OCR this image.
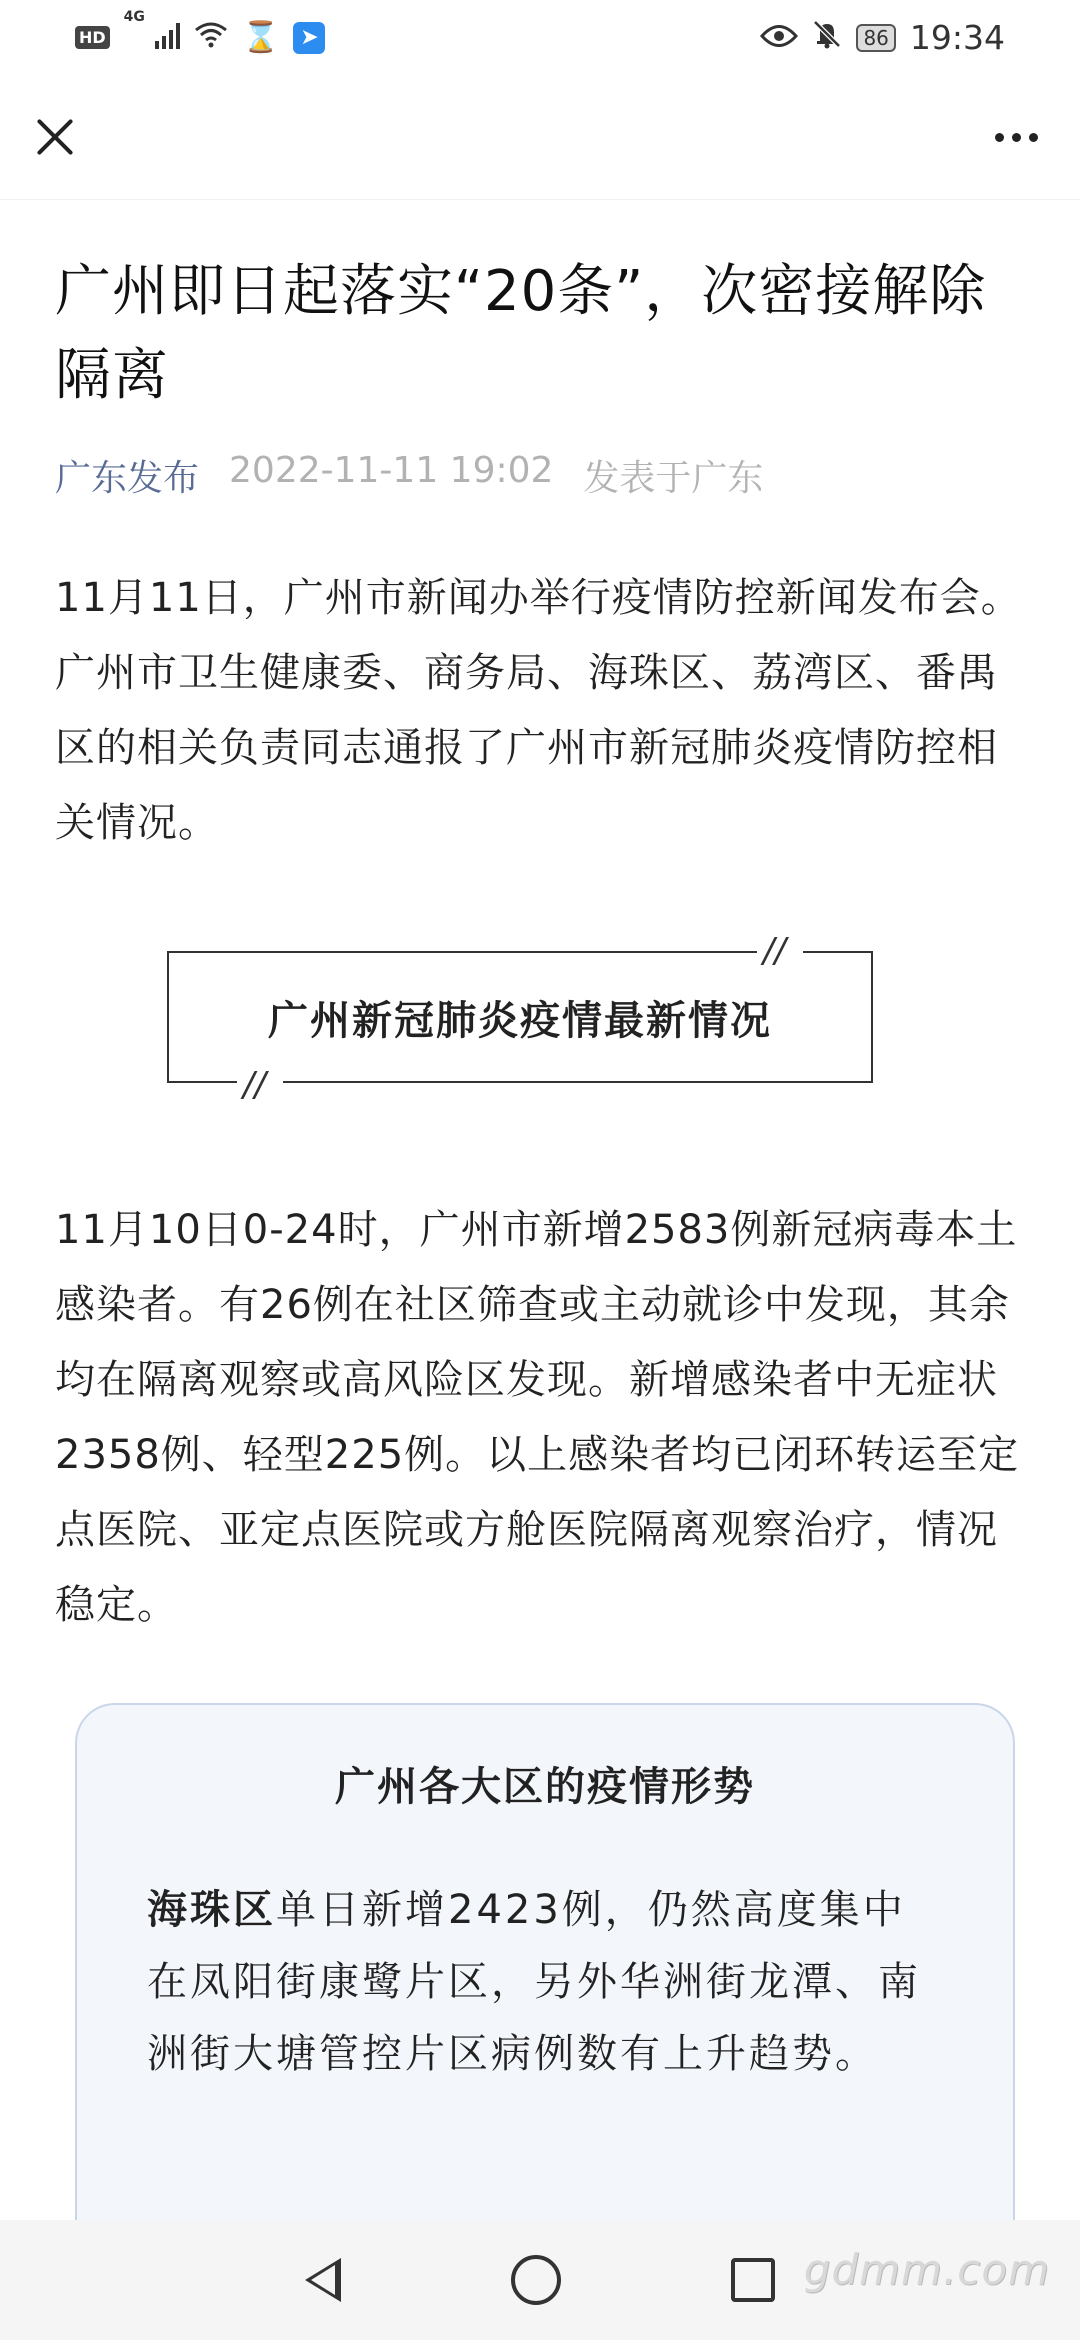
HD
$^{4G}$
⌛ ➤	86 19:34
广州即日起落实“20条”，次密接解除隔离
广东发布 2022-11-11 19:02 发表于广东

11月11日，广州市新闻办举行疫情防控新闻发布会。广州市卫生健康委、商务局、海珠区、荔湾区、番禺区的相关负责同志通报了广州市新冠肺炎疫情防控相关情况。

//
//
广州新冠肺炎疫情最新情况

11月10日0-24时，广州市新增2583例新冠病毒本土感染者。有26例在社区筛查或主动就诊中发现，其余均在隔离观察或高风险区发现。新增感染者中无症状2358例、轻型225例。以上感染者均已闭环转运至定点医院、亚定点医院或方舱医院隔离观察治疗，情况稳定。

广州各大区的疫情形势
海珠区单日新增2423例，仍然高度集中在凤阳街康鹭片区，另外华洲街龙潭、南洲街大塘管控片区病例数有上升趋势。
gdmm.com
